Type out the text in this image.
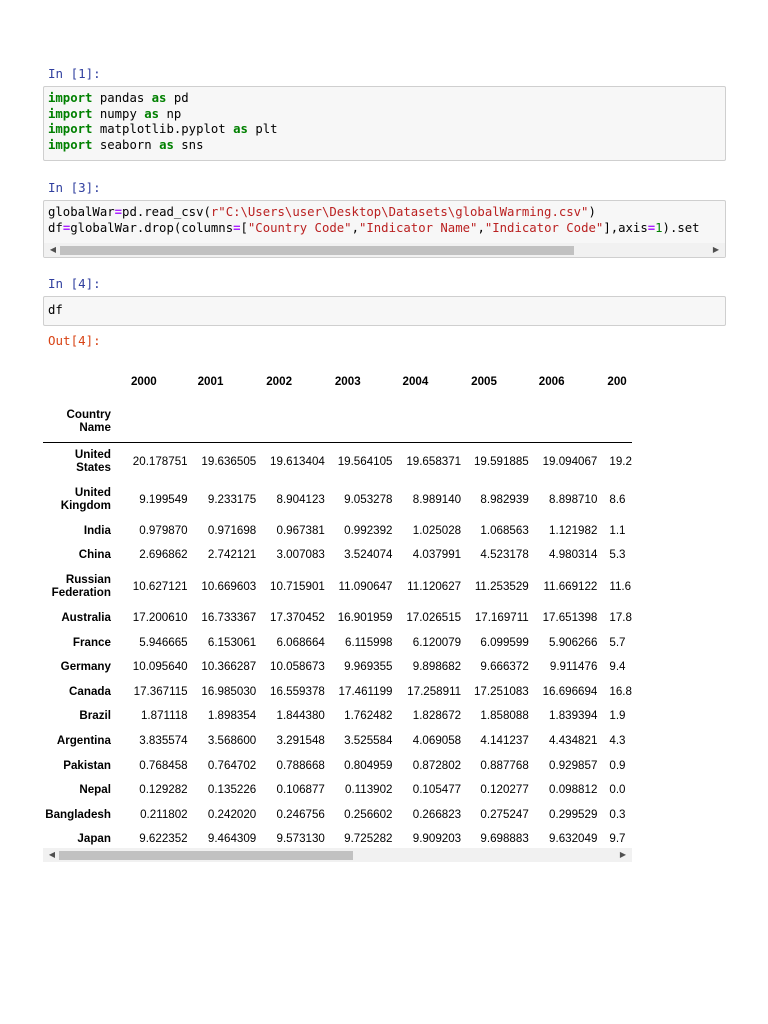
In [1]:
import pandas as pd
import numpy as np
import matplotlib.pyplot as plt
import seaborn as sns
In [3]:
globalWar=pd.read_csv(r"C:\Users\user\Desktop\Datasets\globalWarming.csv")
df=globalWar.drop(columns=["Country Code","Indicator Name","Indicator Code"],axis=1).set
◀	▶
In [4]:
df
Out[4]:
	2000	2001	2002	2003	2004	2005	2006	200
Country Name								
United States	20.178751	19.636505	19.613404	19.564105	19.658371	19.591885	19.094067	19.2
United Kingdom	9.199549	9.233175	8.904123	9.053278	8.989140	8.982939	8.898710	8.6
India	0.979870	0.971698	0.967381	0.992392	1.025028	1.068563	1.121982	1.1
China	2.696862	2.742121	3.007083	3.524074	4.037991	4.523178	4.980314	5.3
Russian Federation	10.627121	10.669603	10.715901	11.090647	11.120627	11.253529	11.669122	11.6
Australia	17.200610	16.733367	17.370452	16.901959	17.026515	17.169711	17.651398	17.8
France	5.946665	6.153061	6.068664	6.115998	6.120079	6.099599	5.906266	5.7
Germany	10.095640	10.366287	10.058673	9.969355	9.898682	9.666372	9.911476	9.4
Canada	17.367115	16.985030	16.559378	17.461199	17.258911	17.251083	16.696694	16.8
Brazil	1.871118	1.898354	1.844380	1.762482	1.828672	1.858088	1.839394	1.9
Argentina	3.835574	3.568600	3.291548	3.525584	4.069058	4.141237	4.434821	4.3
Pakistan	0.768458	0.764702	0.788668	0.804959	0.872802	0.887768	0.929857	0.9
Nepal	0.129282	0.135226	0.106877	0.113902	0.105477	0.120277	0.098812	0.0
Bangladesh	0.211802	0.242020	0.246756	0.256602	0.266823	0.275247	0.299529	0.3
Japan	9.622352	9.464309	9.573130	9.725282	9.909203	9.698883	9.632049	9.7
◀	▶
